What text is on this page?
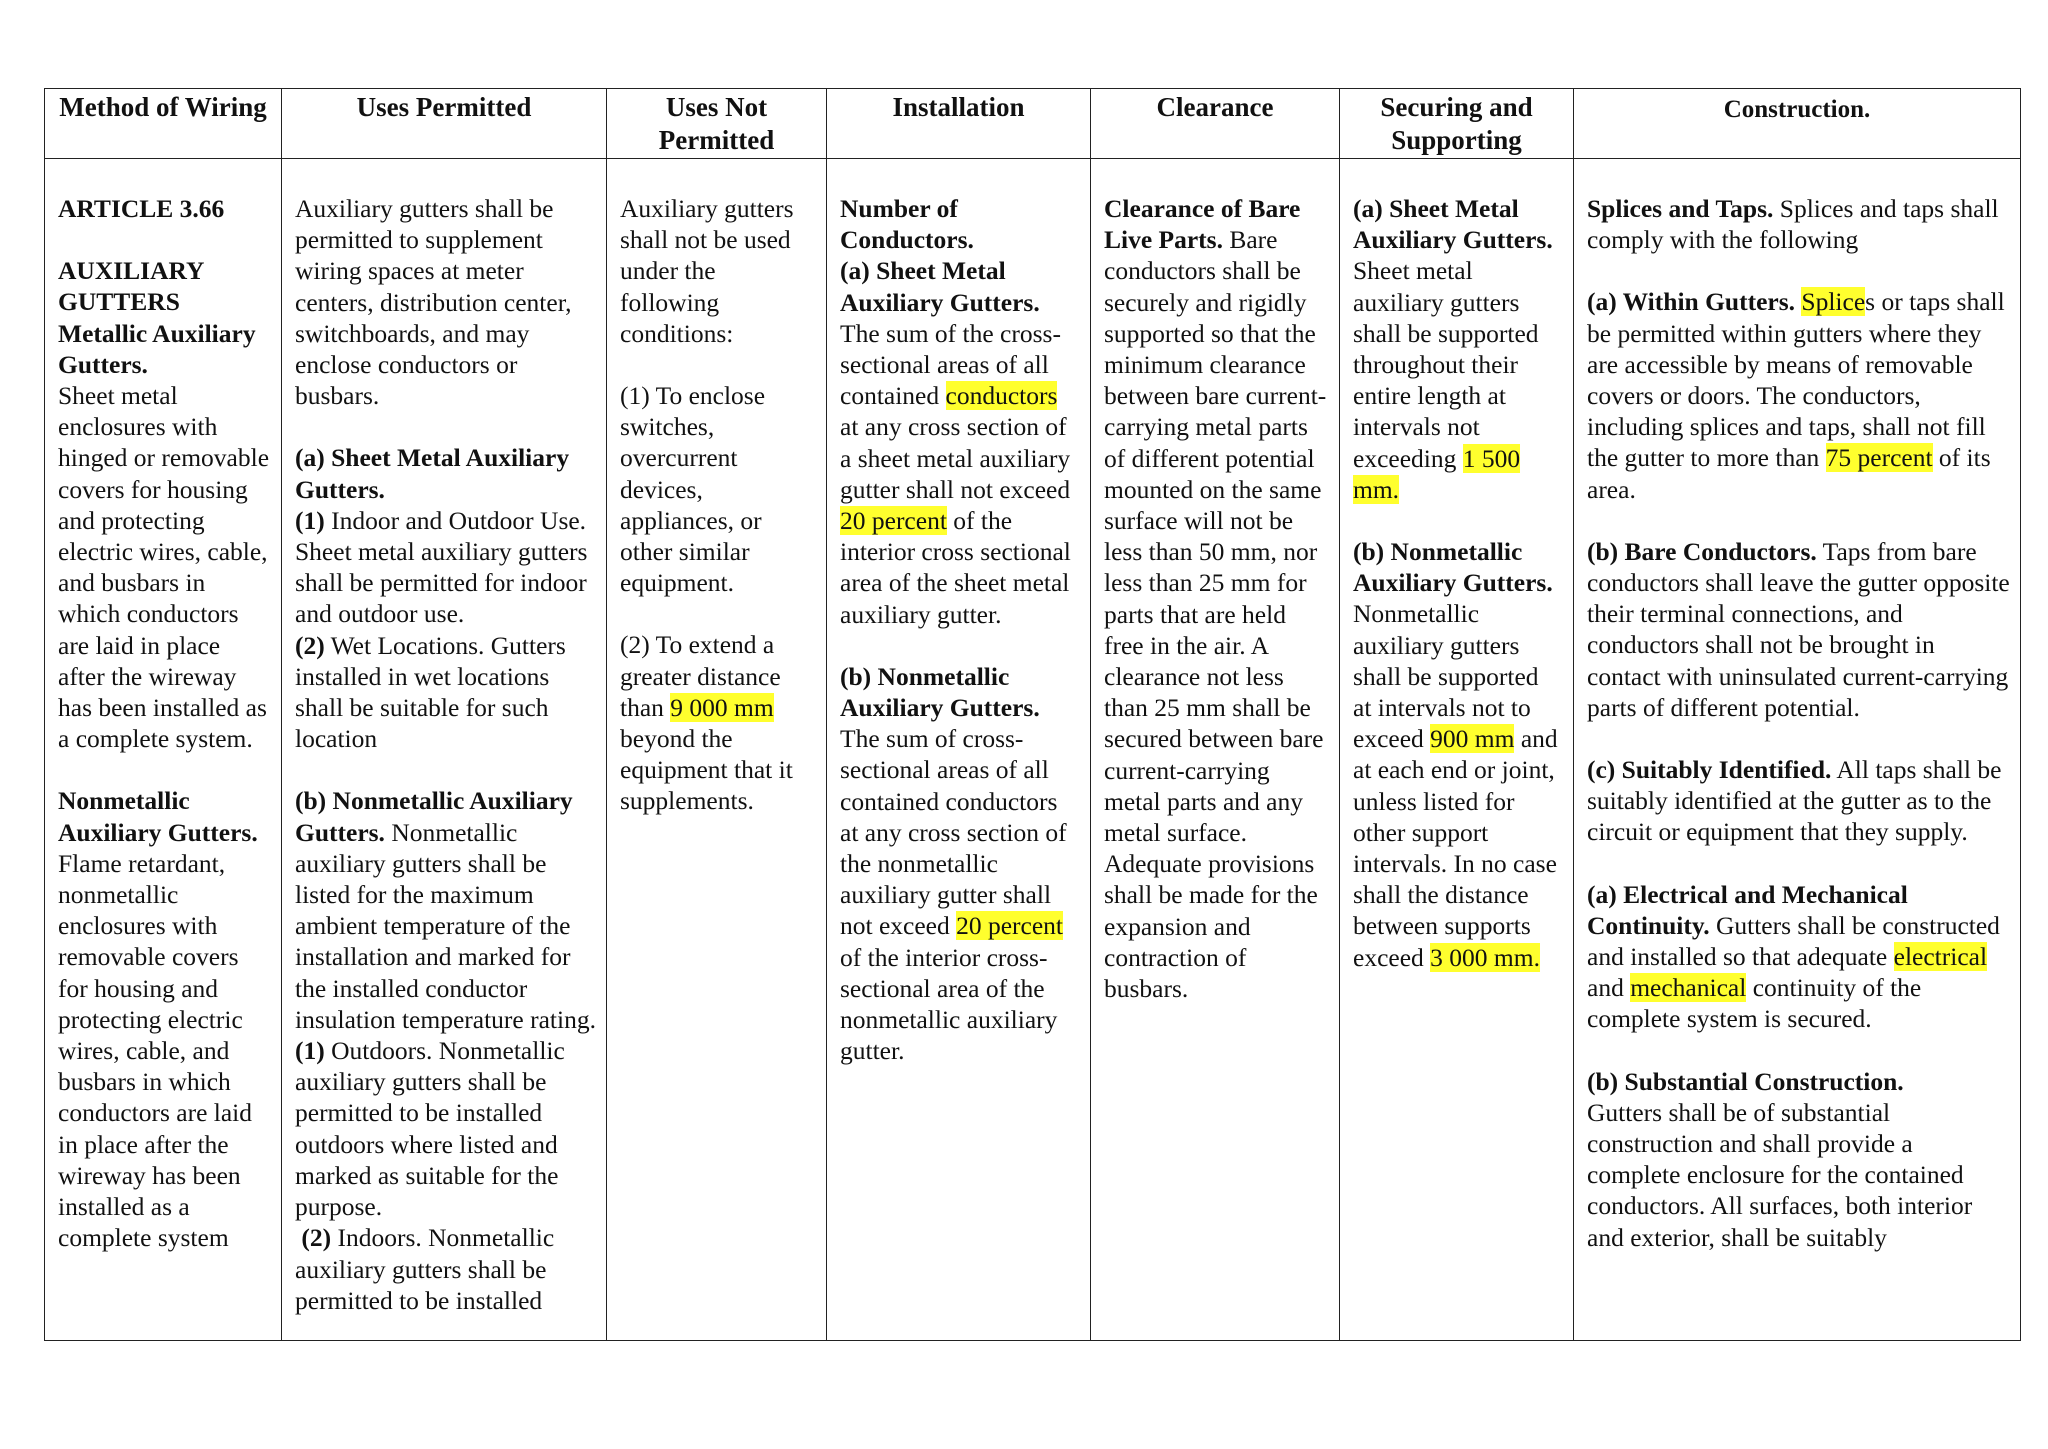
Method of Wiring

ARTICLE 3.66

AUXILIARY GUTTERS Metallic Auxiliary Gutters.
Sheet metal enclosures with hinged or removable covers for housing and protecting electric wires, cable, and busbars in which conductors are laid in place after the wireway has been installed as a complete system.

Nonmetallic Auxiliary Gutters. Flame retardant, nonmetallic enclosures with removable covers for housing and protecting electric wires, cable, and busbars in which conductors are laid in place after the wireway has been installed as a complete system

Uses Permitted

Auxiliary gutters shall be permitted to supplement wiring spaces at meter centers, distribution center, switchboards, and may enclose conductors or busbars.

(a) Sheet Metal Auxiliary Gutters.
(1) Indoor and Outdoor Use. Sheet metal auxiliary gutters shall be permitted for indoor and outdoor use.
(2) Wet Locations. Gutters installed in wet locations shall be suitable for such location

(b) Nonmetallic Auxiliary Gutters. Nonmetallic auxiliary gutters shall be listed for the maximum ambient temperature of the installation and marked for the installed conductor insulation temperature rating.
(1) Outdoors. Nonmetallic auxiliary gutters shall be permitted to be installed outdoors where listed and marked as suitable for the purpose.
(2) Indoors. Nonmetallic auxiliary gutters shall be permitted to be installed

Uses Not Permitted

Auxiliary gutters shall not be used under the following conditions:

(1) To enclose switches, overcurrent devices, appliances, or other similar equipment.

(2) To extend a greater distance than 9 000 mm beyond the equipment that it supplements.

Installation

Number of Conductors.
(a) Sheet Metal Auxiliary Gutters. The sum of the cross-sectional areas of all contained conductors at any cross section of a sheet metal auxiliary gutter shall not exceed 20 percent of the interior cross sectional area of the sheet metal auxiliary gutter.

(b) Nonmetallic Auxiliary Gutters. The sum of cross-sectional areas of all contained conductors at any cross section of the nonmetallic auxiliary gutter shall not exceed 20 percent of the interior cross-sectional area of the nonmetallic auxiliary gutter.

Clearance

Clearance of Bare Live Parts. Bare conductors shall be securely and rigidly supported so that the minimum clearance between bare current-carrying metal parts of different potential mounted on the same surface will not be less than 50 mm, nor less than 25 mm for parts that are held free in the air. A clearance not less than 25 mm shall be secured between bare current-carrying metal parts and any metal surface. Adequate provisions shall be made for the expansion and contraction of busbars.

Securing and Supporting

(a) Sheet Metal Auxiliary Gutters. Sheet metal auxiliary gutters shall be supported throughout their entire length at intervals not exceeding 1 500 mm.

(b) Nonmetallic Auxiliary Gutters. Nonmetallic auxiliary gutters shall be supported at intervals not to exceed 900 mm and at each end or joint, unless listed for other support intervals. In no case shall the distance between supports exceed 3 000 mm.

Construction.

Splices and Taps. Splices and taps shall comply with the following

(a) Within Gutters. Splices or taps shall be permitted within gutters where they are accessible by means of removable covers or doors. The conductors, including splices and taps, shall not fill the gutter to more than 75 percent of its area.

(b) Bare Conductors. Taps from bare conductors shall leave the gutter opposite their terminal connections, and conductors shall not be brought in contact with uninsulated current-carrying parts of different potential.

(c) Suitably Identified. All taps shall be suitably identified at the gutter as to the circuit or equipment that they supply.

(a) Electrical and Mechanical Continuity. Gutters shall be constructed and installed so that adequate electrical and mechanical continuity of the complete system is secured.

(b) Substantial Construction.
Gutters shall be of substantial construction and shall provide a complete enclosure for the contained conductors. All surfaces, both interior and exterior, shall be suitably
